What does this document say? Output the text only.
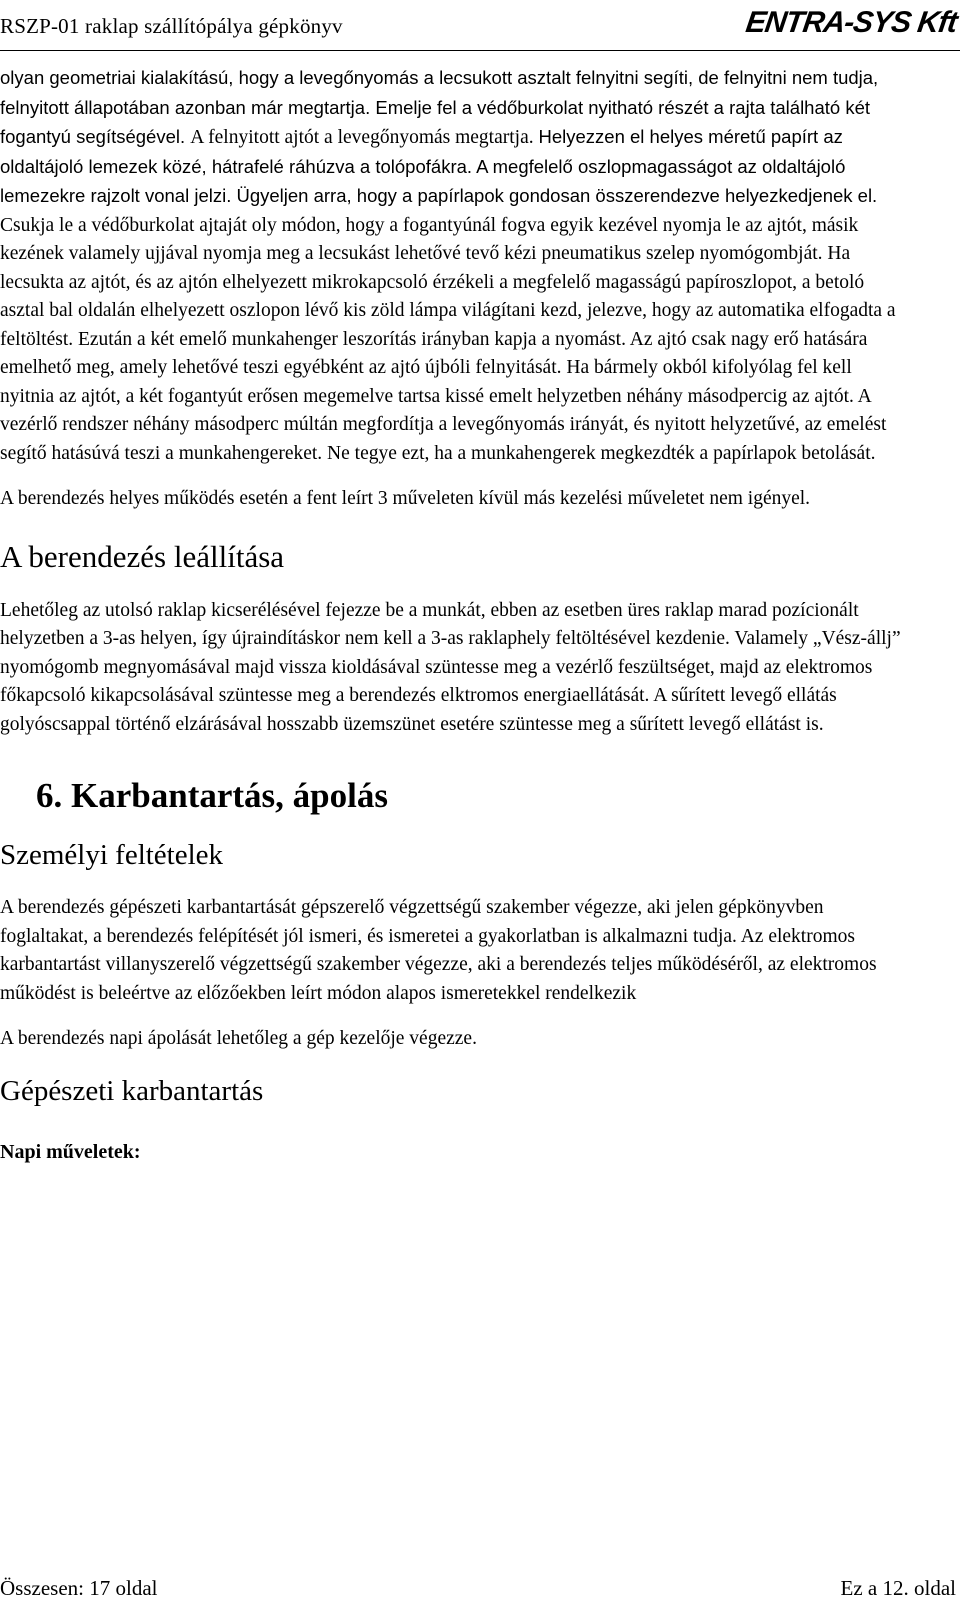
RSZP-01 raklap szállítópálya gépkönyv	ENTRA-SYS Kft

olyan geometriai kialakítású, hogy a levegőnyomás a lecsukott asztalt felnyitni segíti, de felnyitni nem tudja, felnyitott állapotában azonban már megtartja. Emelje fel a védőburkolat nyitható részét a rajta található két fogantyú segítségével. A felnyitott ajtót a levegőnyomás megtartja. Helyezzen el helyes méretű papírt az oldaltájoló lemezek közé, hátrafelé ráhúzva a tolópofákra. A megfelelő oszlopmagasságot az oldaltájoló lemezekre rajzolt vonal jelzi. Ügyeljen arra, hogy a papírlapok gondosan összerendezve helyezkedjenek el. Csukja le a védőburkolat ajtaját oly módon, hogy a fogantyúnál fogva egyik kezével nyomja le az ajtót, másik kezének valamely ujjával nyomja meg a lecsukást lehetővé tevő kézi pneumatikus szelep nyomógombját. Ha lecsukta az ajtót, és az ajtón elhelyezett mikrokapcsoló érzékeli a megfelelő magasságú papíroszlopot, a betoló asztal bal oldalán elhelyezett oszlopon lévő kis zöld lámpa világítani kezd, jelezve, hogy az automatika elfogadta a feltöltést. Ezután a két emelő munkahenger leszorítás irányban kapja a nyomást. Az ajtó csak nagy erő hatására emelhető meg, amely lehetővé teszi egyébként az ajtó újbóli felnyitását. Ha bármely okból kifolyólag fel kell nyitnia az ajtót, a két fogantyút erősen megemelve tartsa kissé emelt helyzetben néhány másodpercig az ajtót. A vezérlő rendszer néhány másodperc múltán megfordítja a levegőnyomás irányát, és nyitott helyzetűvé, az emelést segítő hatásúvá teszi a munkahengereket. Ne tegye ezt, ha a munkahengerek megkezdték a papírlapok betolását.

A berendezés helyes működés esetén a fent leírt 3 műveleten kívül más kezelési műveletet nem igényel.

A berendezés leállítása

Lehetőleg az utolsó raklap kicserélésével fejezze be a munkát, ebben az esetben üres raklap marad pozícionált helyzetben a 3-as helyen, így újraindításkor nem kell a 3-as raklaphely feltöltésével kezdenie. Valamely „Vész-állj” nyomógomb megnyomásával majd vissza kioldásával szüntesse meg a vezérlő feszültséget, majd az elektromos főkapcsoló kikapcsolásával szüntesse meg a berendezés elktromos energiaellátását. A sűrített levegő ellátás golyóscsappal történő elzárásával hosszabb üzemszünet esetére szüntesse meg a sűrített levegő ellátást is.

6. Karbantartás, ápolás
Személyi feltételek

A berendezés gépészeti karbantartását gépszerelő végzettségű szakember végezze, aki jelen gépkönyvben foglaltakat, a berendezés felépítését jól ismeri, és ismeretei a gyakorlatban is alkalmazni tudja. Az elektromos karbantartást villanyszerelő végzettségű szakember végezze, aki a berendezés teljes működéséről, az elektromos működést is beleértve az előzőekben leírt módon alapos ismeretekkel rendelkezik

A berendezés napi ápolását lehetőleg a gép kezelője végezze.

Gépészeti karbantartás
Napi műveletek:
Összesen: 17 oldal	Ez a 12. oldal
